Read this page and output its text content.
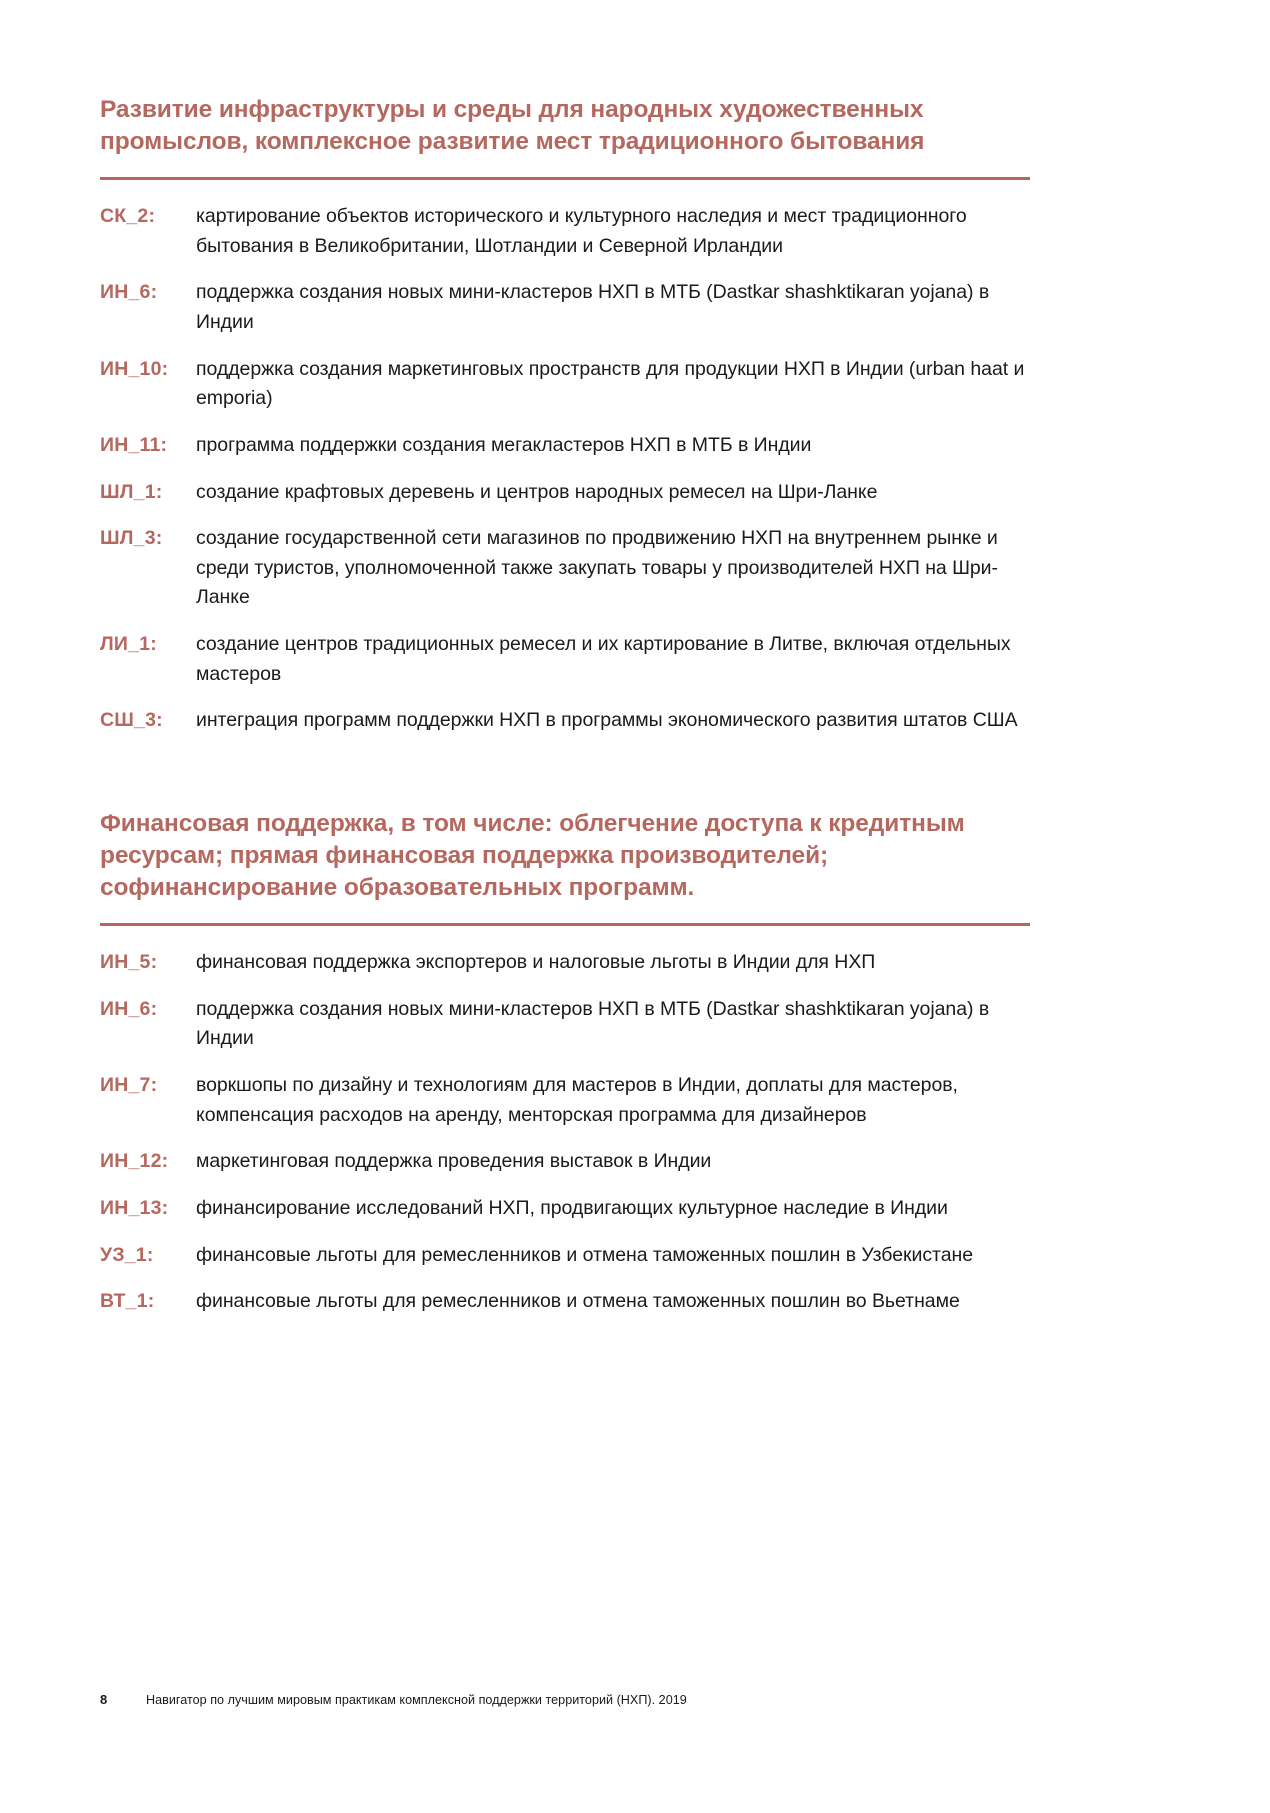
Развитие инфраструктуры и среды для народных художественных промыслов, комплексное развитие мест традиционного бытования
СК_2:	картирование объектов исторического и культурного наследия и мест традиционного бытования в Великобритании, Шотландии и Северной Ирландии
ИН_6:	поддержка создания новых мини-кластеров НХП в МТБ (Dastkar shashktikaran yojana) в Индии
ИН_10:	поддержка создания маркетинговых пространств для продукции НХП в Индии (urban haat и emporia)
ИН_11:	программа поддержки создания мегакластеров НХП в МТБ в Индии
ШЛ_1:	создание крафтовых деревень и центров народных ремесел на Шри-Ланке
ШЛ_3:	создание государственной сети магазинов по продвижению НХП на внутреннем рынке и среди туристов, уполномоченной также закупать товары у производителей НХП на Шри-Ланке
ЛИ_1:	создание центров традиционных ремесел и их картирование в Литве, включая отдельных мастеров
СШ_3:	интеграция программ поддержки НХП в программы экономического развития штатов США
Финансовая поддержка, в том числе: облегчение доступа к кредитным ресурсам; прямая финансовая поддержка производителей; софинансирование образовательных программ.
ИН_5:	финансовая поддержка экспортеров и налоговые льготы в Индии для НХП
ИН_6:	поддержка создания новых мини-кластеров НХП в МТБ (Dastkar shashktikaran yojana) в Индии
ИН_7:	воркшопы по дизайну и технологиям для мастеров в Индии, доплаты для мастеров, компенсация расходов на аренду, менторская программа для дизайнеров
ИН_12:	маркетинговая поддержка проведения выставок в Индии
ИН_13:	финансирование исследований НХП, продвигающих культурное наследие в Индии
УЗ_1:	финансовые льготы для ремесленников и отмена таможенных пошлин в Узбекистане
ВТ_1:	финансовые льготы для ремесленников и отмена таможенных пошлин во Вьетнаме
8	Навигатор по лучшим мировым практикам комплексной поддержки территорий (НХП). 2019
